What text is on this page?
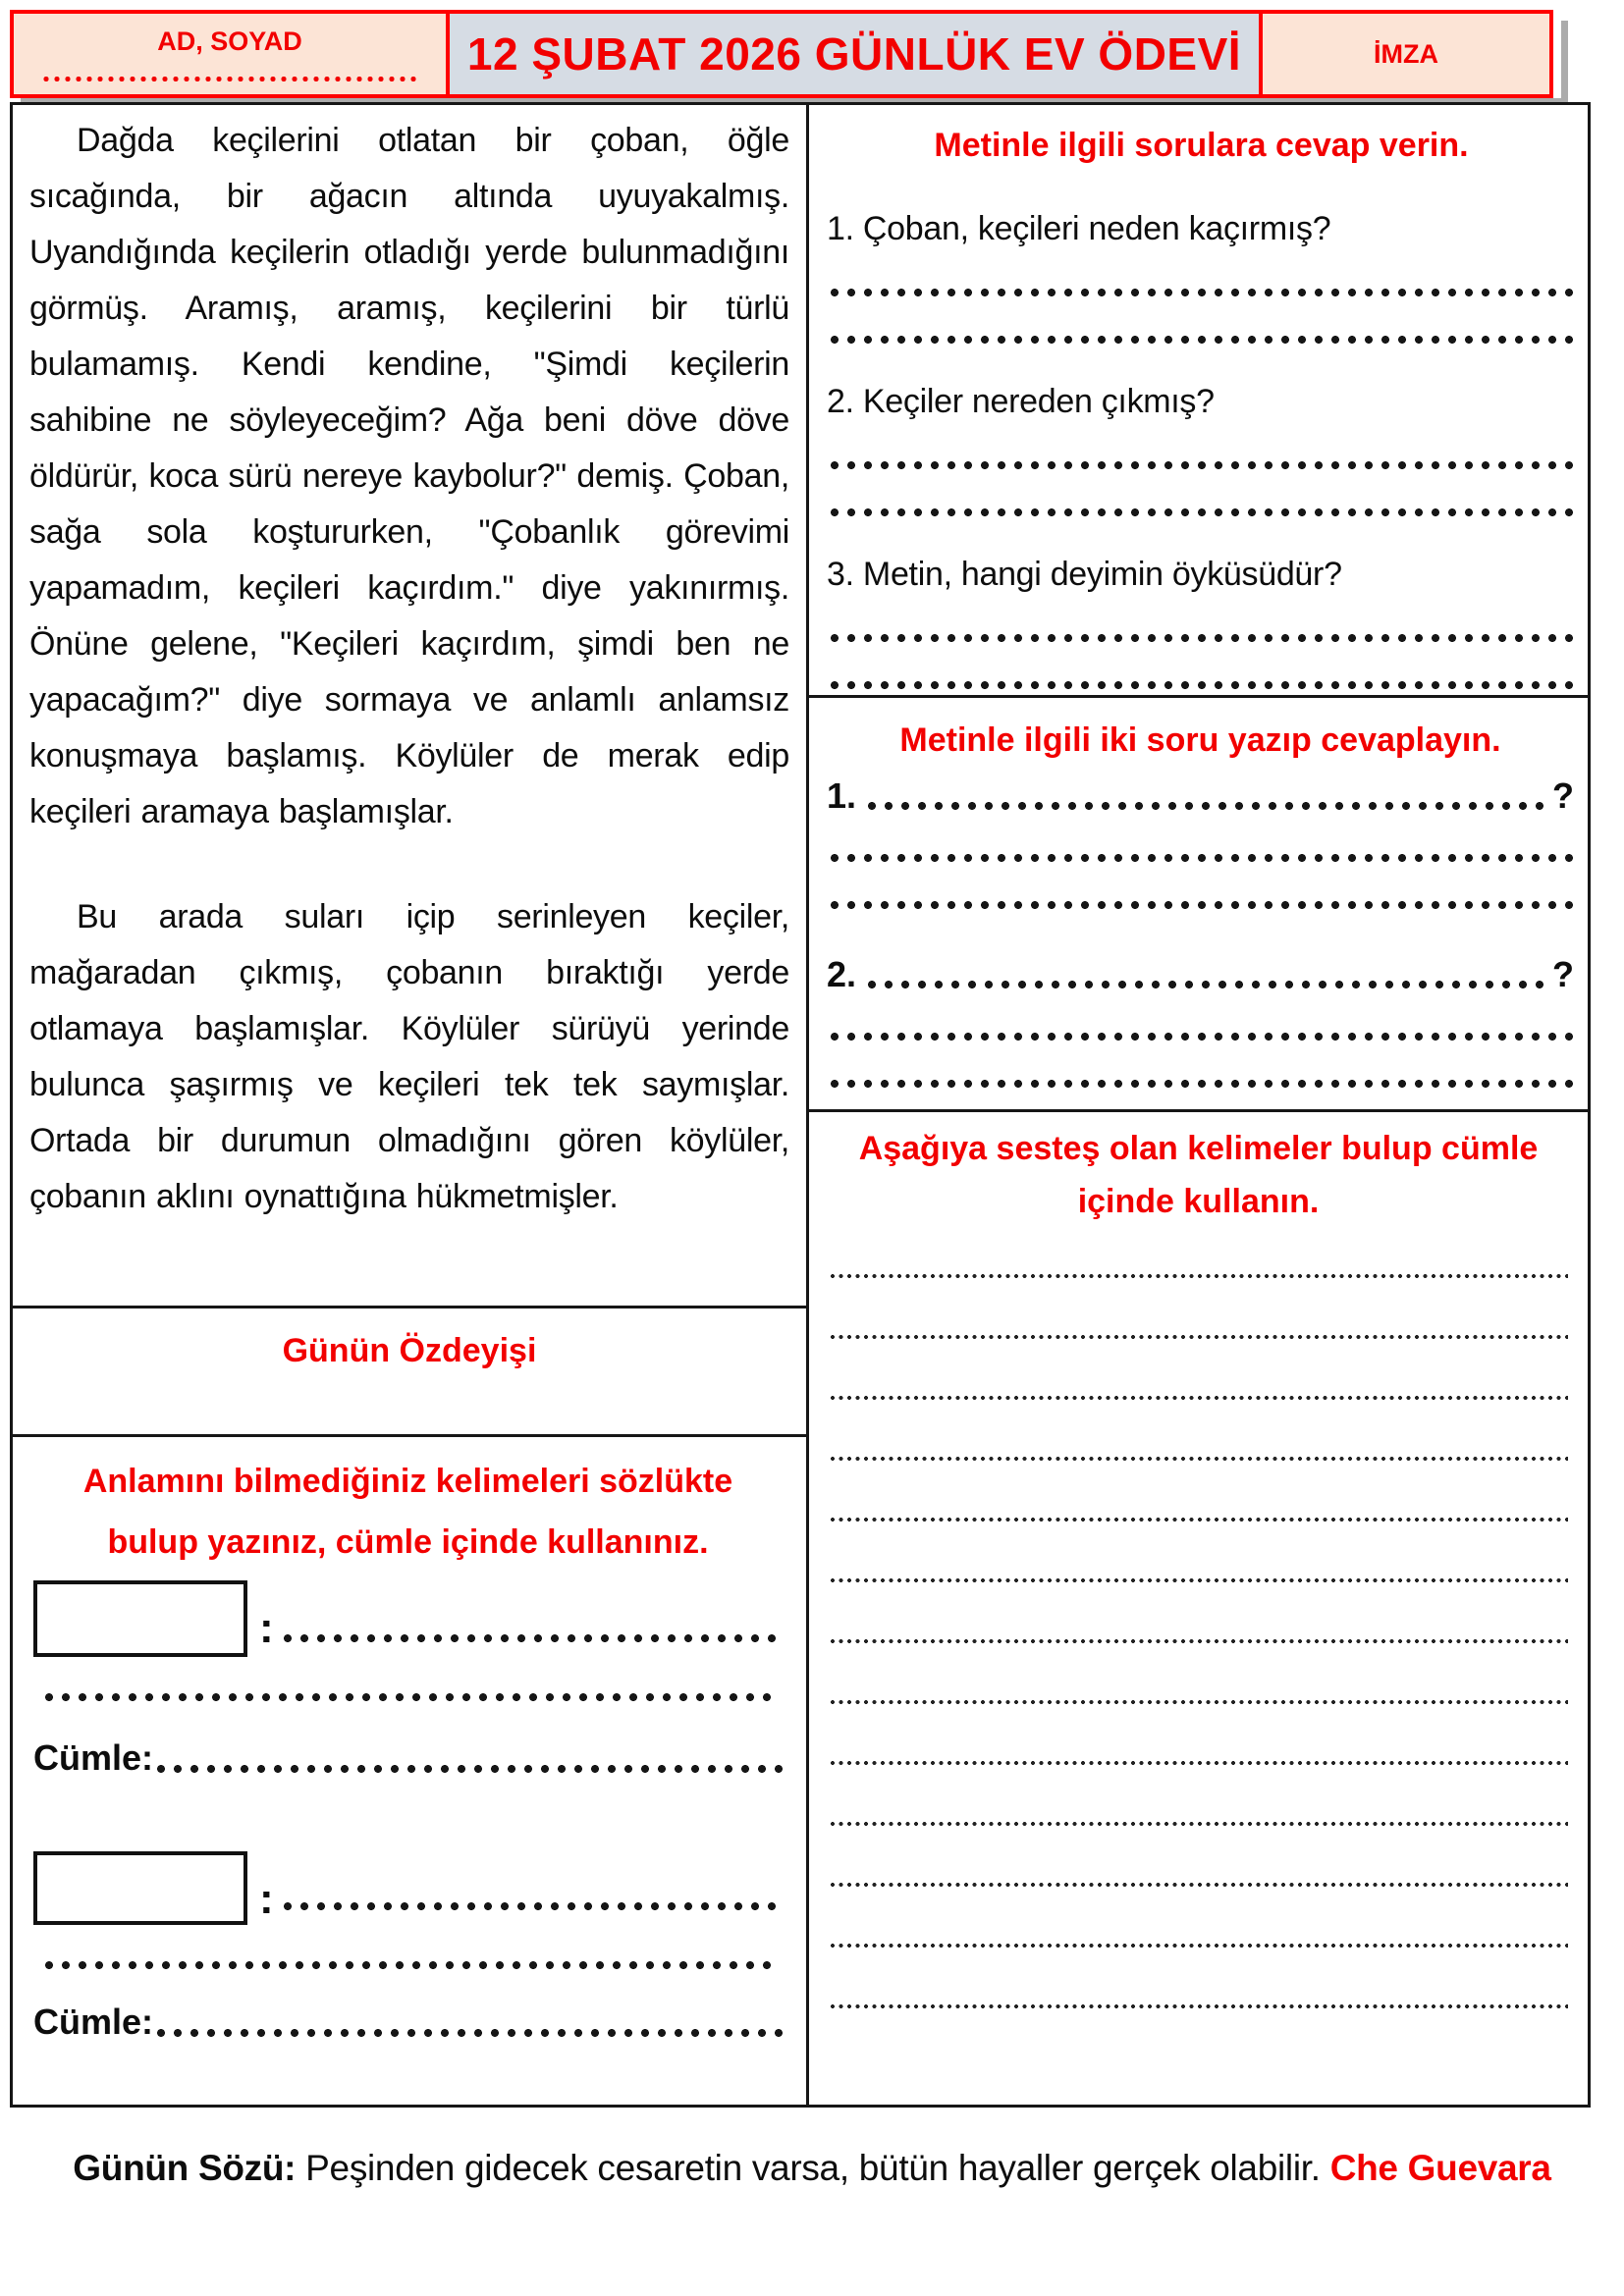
AD, SOYAD	12 ŞUBAT 2026 GÜNLÜK EV ÖDEVİ	İMZA

Dağda keçilerini otlatan bir çoban, öğle sıcağında, bir ağacın altında uyuyakalmış. Uyandığında keçilerin otladığı yerde bulunmadığını görmüş. Aramış, aramış, keçilerini bir türlü bulamamış. Kendi kendine, "Şimdi keçilerin sahibine ne söyleyeceğim? Ağa beni döve döve öldürür, koca sürü nereye kaybolur?" demiş. Çoban, sağa sola koştururken, "Çobanlık görevimi yapamadım, keçileri kaçırdım." diye yakınırmış. Önüne gelene, "Keçileri kaçırdım, şimdi ben ne yapacağım?" diye sormaya ve anlamlı anlamsız konuşmaya başlamış. Köylüler de merak edip keçileri aramaya başlamışlar.

Bu arada suları içip serinleyen keçiler, mağaradan çıkmış, çobanın bıraktığı yerde otlamaya başlamışlar. Köylüler sürüyü yerinde bulunca şaşırmış ve keçileri tek tek saymışlar. Ortada bir durumun olmadığını gören köylüler, çobanın aklını oynattığına hükmetmişler.

Günün Özdeyişi
Anlamını bilmediğiniz kelimeleri sözlükte bulup yazınız, cümle içinde kullanınız.
:
Cümle:
:
Cümle:
Metinle ilgili sorulara cevap verin.

1. Çoban, keçileri neden kaçırmış?

2. Keçiler nereden çıkmış?

3. Metin, hangi deyimin öyküsüdür?

Metinle ilgili iki soru yazıp cevaplayın.
1.	?
2.	?
Aşağıya sesteş olan kelimeler bulup cümle içinde kullanın.
Günün Sözü: Peşinden gidecek cesaretin varsa, bütün hayaller gerçek olabilir. Che Guevara
